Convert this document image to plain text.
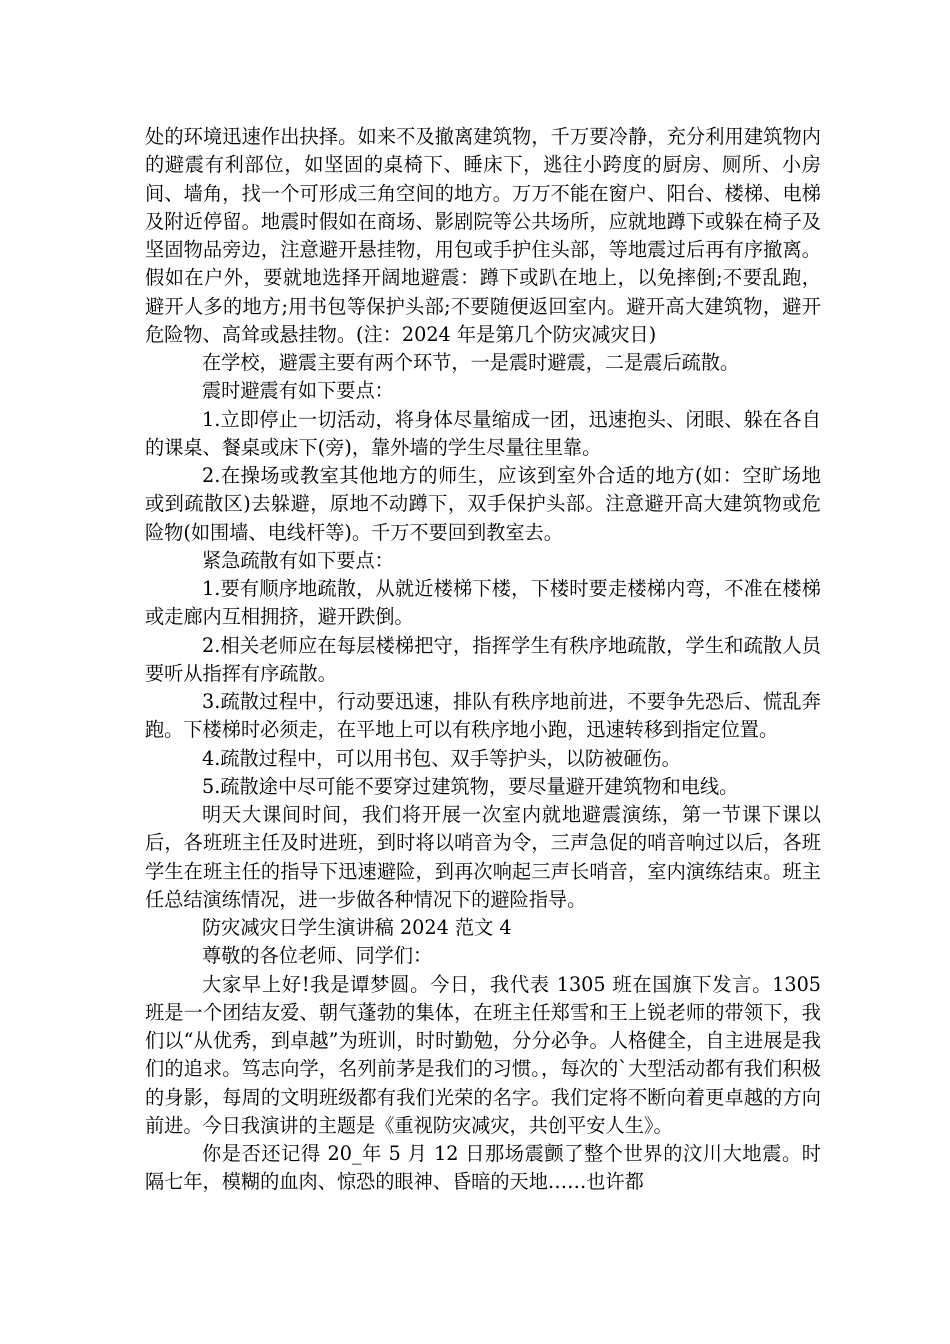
处的环境迅速作出抉择。如来不及撤离建筑物，千万要冷静，充分利用建筑物内的避震有利部位，如坚固的桌椅下、睡床下，逃往小跨度的厨房、厕所、小房间、墙角，找一个可形成三角空间的地方。万万不能在窗户、阳台、楼梯、电梯及附近停留。地震时假如在商场、影剧院等公共场所，应就地蹲下或躲在椅子及坚固物品旁边，注意避开悬挂物，用包或手护住头部，等地震过后再有序撤离。假如在户外，要就地选择开阔地避震：蹲下或趴在地上，以免摔倒;不要乱跑，避开人多的地方;用书包等保护头部;不要随便返回室内。避开高大建筑物，避开危险物、高耸或悬挂物。(注：2024 年是第几个防灾减灾日)

在学校，避震主要有两个环节，一是震时避震，二是震后疏散。

震时避震有如下要点：

1.立即停止一切活动，将身体尽量缩成一团，迅速抱头、闭眼、躲在各自的课桌、餐桌或床下(旁)，靠外墙的学生尽量往里靠。

2.在操场或教室其他地方的师生，应该到室外合适的地方(如：空旷场地或到疏散区)去躲避，原地不动蹲下，双手保护头部。注意避开高大建筑物或危险物(如围墙、电线杆等)。千万不要回到教室去。

紧急疏散有如下要点：

1.要有顺序地疏散，从就近楼梯下楼，下楼时要走楼梯内弯，不准在楼梯或走廊内互相拥挤，避开跌倒。

2.相关老师应在每层楼梯把守，指挥学生有秩序地疏散，学生和疏散人员要听从指挥有序疏散。

3.疏散过程中，行动要迅速，排队有秩序地前进，不要争先恐后、慌乱奔跑。下楼梯时必须走，在平地上可以有秩序地小跑，迅速转移到指定位置。

4.疏散过程中，可以用书包、双手等护头，以防被砸伤。

5.疏散途中尽可能不要穿过建筑物，要尽量避开建筑物和电线。

明天大课间时间，我们将开展一次室内就地避震演练，第一节课下课以后，各班班主任及时进班，到时将以哨音为令，三声急促的哨音响过以后，各班学生在班主任的指导下迅速避险，到再次响起三声长哨音，室内演练结束。班主任总结演练情况，进一步做各种情况下的避险指导。

防灾减灾日学生演讲稿 2024 范文 4

尊敬的各位老师、同学们：

大家早上好!我是谭梦圆。今日，我代表 1305 班在国旗下发言。1305 班是一个团结友爱、朝气蓬勃的集体，在班主任郑雪和王上锐老师的带领下，我们以“从优秀，到卓越”为班训，时时勤勉，分分必争。人格健全，自主进展是我们的追求。笃志向学，名列前茅是我们的习惯。，每次的`大型活动都有我们积极的身影，每周的文明班级都有我们光荣的名字。我们定将不断向着更卓越的方向前进。今日我演讲的主题是《重视防灾减灾，共创平安人生》。

你是否还记得 20_年 5 月 12 日那场震颤了整个世界的汶川大地震。时隔七年，模糊的血肉、惊恐的眼神、昏暗的天地……也许都
